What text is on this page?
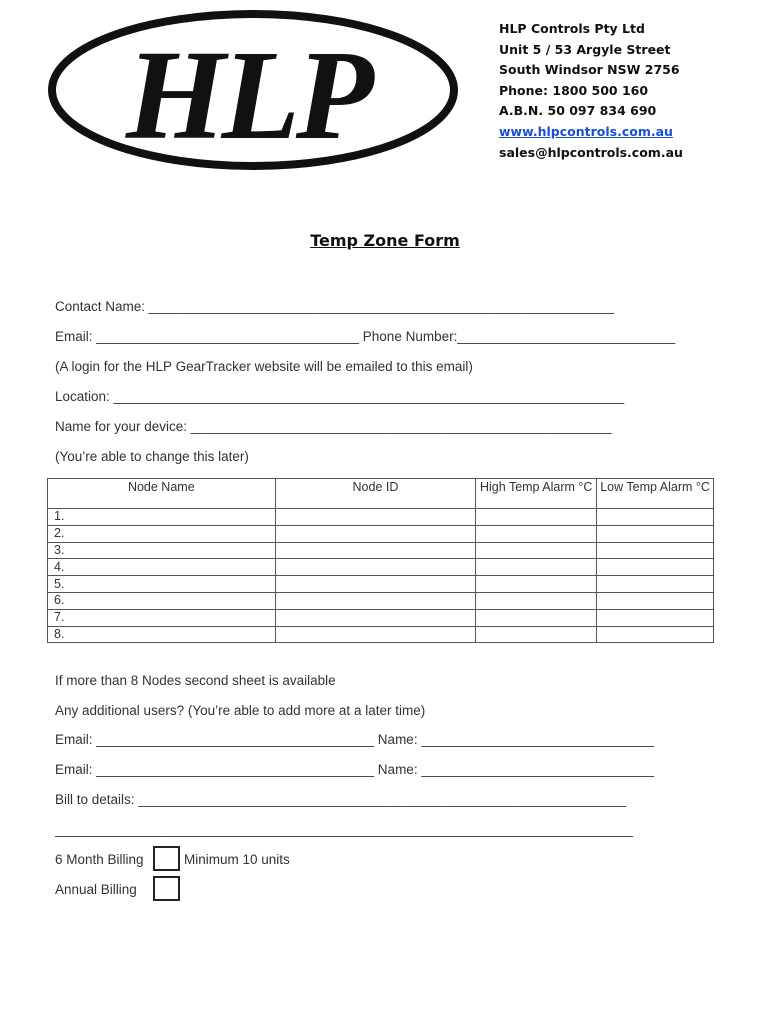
HLP	HLP Controls Pty Ltd
Unit 5 / 53 Argyle Street
South Windsor NSW 2756
Phone: 1800 500 160
A.B.N. 50 097 834 690
www.hlpcontrols.com.au
sales@hlpcontrols.com.au
Temp Zone Form
Contact Name: ______________________________________________________________
Email: ___________________________________ Phone Number:_____________________________
(A login for the HLP GearTracker website will be emailed to this email)
Location: ____________________________________________________________________
Name for your device: ________________________________________________________
(You’re able to change this later)
Node Name	Node ID	High Temp Alarm °C	Low Temp Alarm °C
1.			
2.			
3.			
4.			
5.			
6.			
7.			
8.			
If more than 8 Nodes second sheet is available
Any additional users? (You’re able to add more at a later time)
Email: _____________________________________ Name: _______________________________
Email: _____________________________________ Name: _______________________________
Bill to details: _________________________________________________________________
_____________________________________________________________________________
6 Month Billing	Minimum 10 units
Annual Billing
